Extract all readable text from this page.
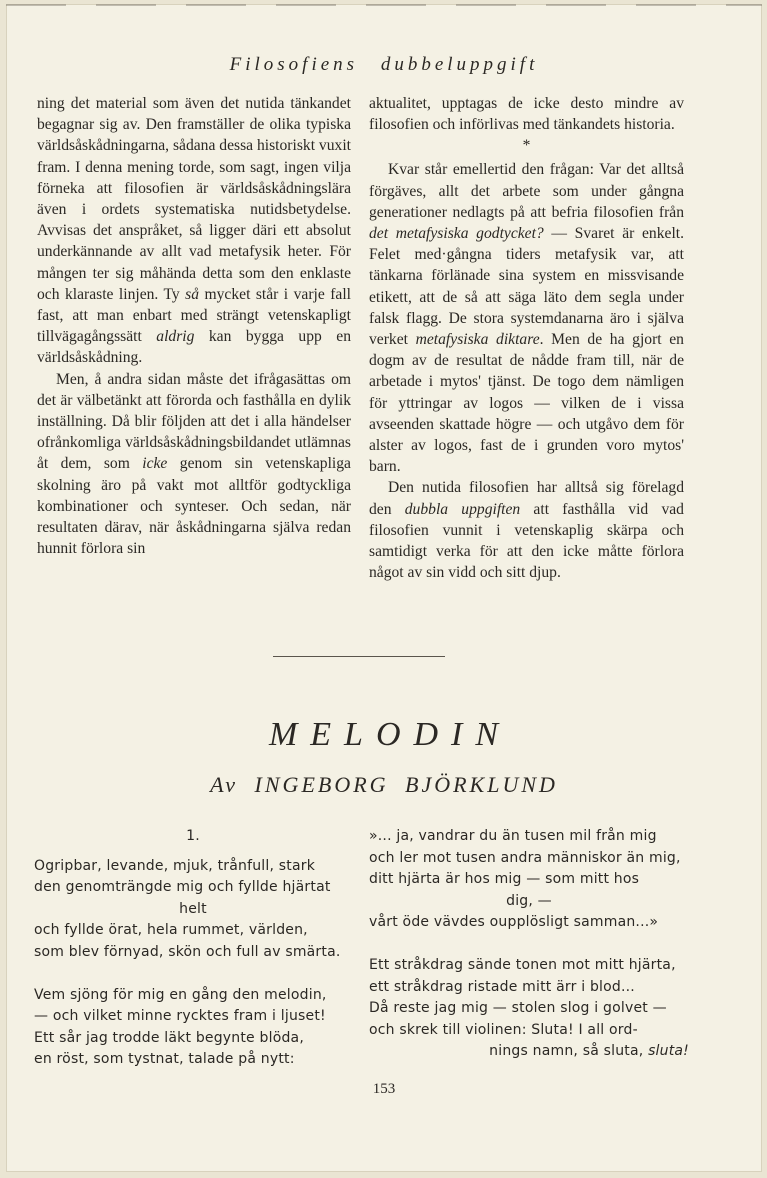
Filosofiens dubbeluppgift

ning det material som även det nutida tänkandet begagnar sig av. Den framställer de olika typiska världsåskådningarna, sådana dessa historiskt vuxit fram. I denna mening torde, som sagt, ingen vilja förneka att filosofien är världsåskådningslära även i ordets systematiska nutidsbetydelse. Avvisas det anspråket, så ligger däri ett absolut underkännande av allt vad metafysik heter. För mången ter sig måhända detta som den enklaste och klaraste linjen. Ty så mycket står i varje fall fast, att man enbart med strängt vetenskapligt tillvägagångssätt aldrig kan bygga upp en världsåskådning.

Men, å andra sidan måste det ifrågasättas om det är välbetänkt att förorda och fasthålla en dylik inställning. Då blir följden att det i alla händelser ofrånkomliga världsåskådningsbildandet utlämnas åt dem, som icke genom sin vetenskapliga skolning äro på vakt mot alltför godtyckliga kombinationer och synteser. Och sedan, när resultaten därav, när åskådningarna själva redan hunnit förlora sin

aktualitet, upptagas de icke desto mindre av filosofien och införlivas med tänkandets historia.

*

Kvar står emellertid den frågan: Var det alltså förgäves, allt det arbete som under gångna generationer nedlagts på att befria filosofien från det metafysiska godtycket? — Svaret är enkelt. Felet med·gångna tiders metafysik var, att tänkarna förlänade sina system en missvisande etikett, att de så att säga läto dem segla under falsk flagg. De stora systemdanarna äro i själva verket metafysiska diktare. Men de ha gjort en dogm av de resultat de nådde fram till, när de arbetade i mytos' tjänst. De togo dem nämligen för yttringar av logos — vilken de i vissa avseenden skattade högre — och utgåvo dem för alster av logos, fast de i grunden voro mytos' barn.

Den nutida filosofien har alltså sig förelagd den dubbla uppgiften att fasthålla vid vad filosofien vunnit i vetenskaplig skärpa och samtidigt verka för att den icke måtte förlora något av sin vidd och sitt djup.

MELODIN
Av INGEBORG BJÖRKLUND
1.
Ogripbar, levande, mjuk, trånfull, stark
den genomträngde mig och fyllde hjärtat
helt
och fyllde örat, hela rummet, världen,
som blev förnyad, skön och full av smärta.
Vem sjöng för mig en gång den melodin,
— och vilket minne rycktes fram i ljuset!
Ett sår jag trodde läkt begynte blöda,
en röst, som tystnat, talade på nytt:
»... ja, vandrar du än tusen mil från mig
och ler mot tusen andra människor än mig,
ditt hjärta är hos mig — som mitt hos
dig, —
vårt öde vävdes oupplösligt samman...»
Ett stråkdrag sände tonen mot mitt hjärta,
ett stråkdrag ristade mitt ärr i blod...
Då reste jag mig — stolen slog i golvet —
och skrek till violinen: Sluta! I all ord-
nings namn, så sluta, sluta!
153
